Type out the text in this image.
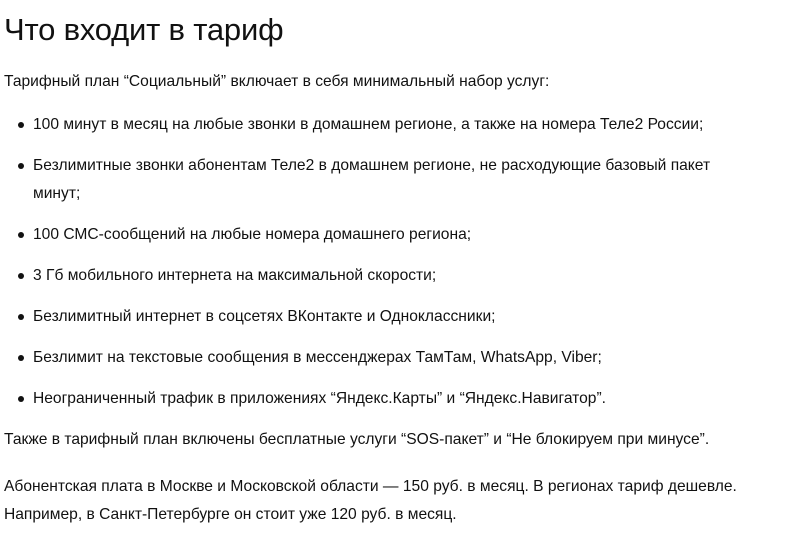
Что входит в тариф

Тарифный план “Социальный” включает в себя минимальный набор услуг:

100 минут в месяц на любые звонки в домашнем регионе, а также на номера Теле2 России;
Безлимитные звонки абонентам Теле2 в домашнем регионе, не расходующие базовый пакет минут;
100 СМС-сообщений на любые номера домашнего региона;
3 Гб мобильного интернета на максимальной скорости;
Безлимитный интернет в соцсетях ВКонтакте и Одноклассники;
Безлимит на текстовые сообщения в мессенджерах ТамТам, WhatsApp, Viber;
Неограниченный трафик в приложениях “Яндекс.Карты” и “Яндекс.Навигатор”.

Также в тарифный план включены бесплатные услуги “SOS-пакет” и “Не блокируем при минусе”.

Абонентская плата в Москве и Московской области — 150 руб. в месяц. В регионах тариф дешевле. Например, в Санкт-Петербурге он стоит уже 120 руб. в месяц.
